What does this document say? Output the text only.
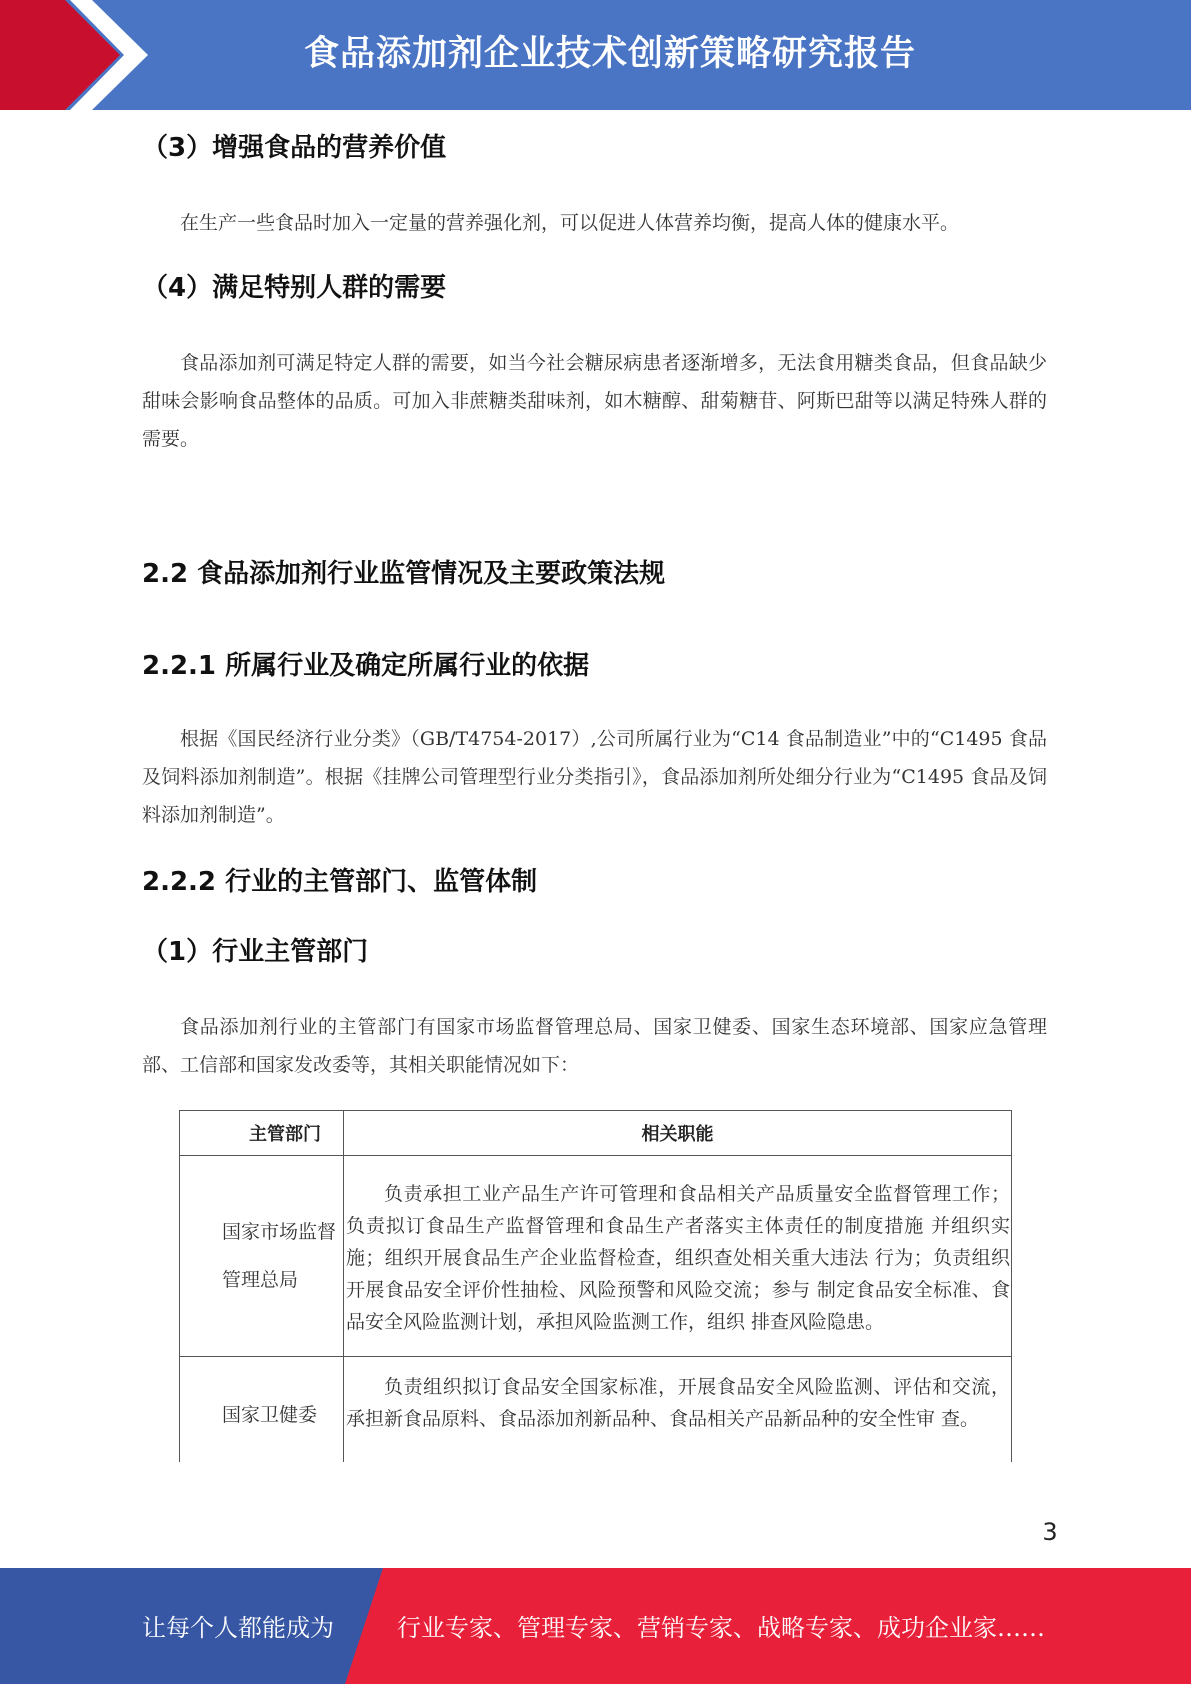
食品添加剂企业技术创新策略研究报告
（3）增强食品的营养价值

在生产一些食品时加入一定量的营养强化剂，可以促进人体营养均衡，提高人体的健康水平。

（4）满足特别人群的需要

食品添加剂可满足特定人群的需要，如当今社会糖尿病患者逐渐增多，无法食用糖类食品，但食品缺少甜味会影响食品整体的品质。可加入非蔗糖类甜味剂，如木糖醇、甜菊糖苷、阿斯巴甜等以满足特殊人群的需要。

2.2 食品添加剂行业监管情况及主要政策法规
2.2.1 所属行业及确定所属行业的依据

根据《国民经济行业分类》（GB/T4754-2017）,公司所属行业为“C14 食品制造业”中的“C1495 食品及饲料添加剂制造”。根据《挂牌公司管理型行业分类指引》，食品添加剂所处细分行业为“C1495 食品及饲料添加剂制造”。

2.2.2 行业的主管部门、监管体制
（1）行业主管部门

食品添加剂行业的主管部门有国家市场监督管理总局、国家卫健委、国家生态环境部、国家应急管理部、工信部和国家发改委等，其相关职能情况如下：

主管部门	相关职能
国家市场监督管理总局	负责承担工业产品生产许可管理和食品相关产品质量安全监督管理工作；负责拟订食品生产监督管理和食品生产者落实主体责任的制度措施 并组织实施；组织开展食品生产企业监督检查，组织查处相关重大违法 行为；负责组织开展食品安全评价性抽检、风险预警和风险交流；参与 制定食品安全标准、食品安全风险监测计划，承担风险监测工作，组织 排查风险隐患。
国家卫健委	负责组织拟订食品安全国家标准，开展食品安全风险监测、评估和交流，承担新食品原料、食品添加剂新品种、食品相关产品新品种的安全性审 查。
3
让每个人都能成为	行业专家、管理专家、营销专家、战略专家、成功企业家……
